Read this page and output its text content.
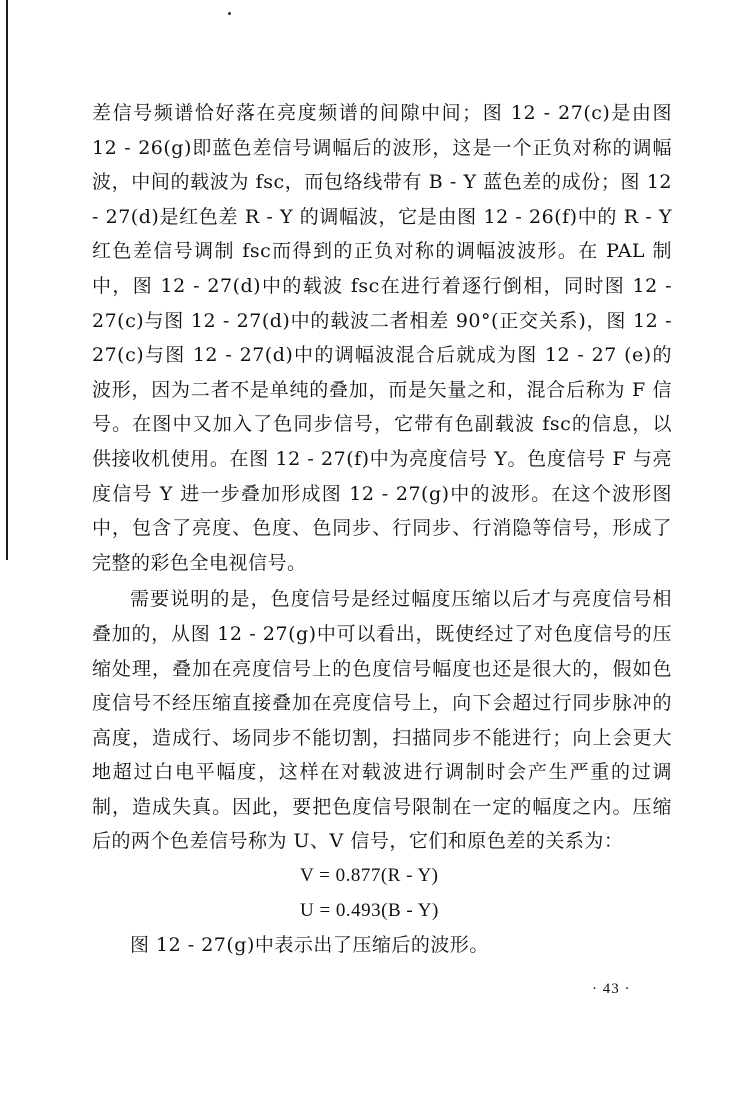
差信号频谱恰好落在亮度频谱的间隙中间；图 12 - 27(c)是由图 12 - 26(g)即蓝色差信号调幅后的波形，这是一个正负对称的调幅波，中间的载波为 fsc，而包络线带有 B - Y 蓝色差的成份；图 12 - 27(d)是红色差 R - Y 的调幅波，它是由图 12 - 26(f)中的 R - Y 红色差信号调制 fsc而得到的正负对称的调幅波波形。在 PAL 制中，图 12 - 27(d)中的载波 fsc在进行着逐行倒相，同时图 12 - 27(c)与图 12 - 27(d)中的载波二者相差 90°(正交关系)，图 12 - 27(c)与图 12 - 27(d)中的调幅波混合后就成为图 12 - 27 (e)的波形，因为二者不是单纯的叠加，而是矢量之和，混合后称为 F 信号。在图中又加入了色同步信号，它带有色副载波 fsc的信息，以供接收机使用。在图 12 - 27(f)中为亮度信号 Y。色度信号 F 与亮度信号 Y 进一步叠加形成图 12 - 27(g)中的波形。在这个波形图中，包含了亮度、色度、色同步、行同步、行消隐等信号，形成了完整的彩色全电视信号。

需要说明的是，色度信号是经过幅度压缩以后才与亮度信号相叠加的，从图 12 - 27(g)中可以看出，既使经过了对色度信号的压缩处理，叠加在亮度信号上的色度信号幅度也还是很大的，假如色度信号不经压缩直接叠加在亮度信号上，向下会超过行同步脉冲的高度，造成行、场同步不能切割，扫描同步不能进行；向上会更大地超过白电平幅度，这样在对载波进行调制时会产生严重的过调制，造成失真。因此，要把色度信号限制在一定的幅度之内。压缩后的两个色差信号称为 U、V 信号，它们和原色差的关系为：

V = 0.877(R - Y)

U = 0.493(B - Y)

图 12 - 27(g)中表示出了压缩后的波形。

· 43 ·
